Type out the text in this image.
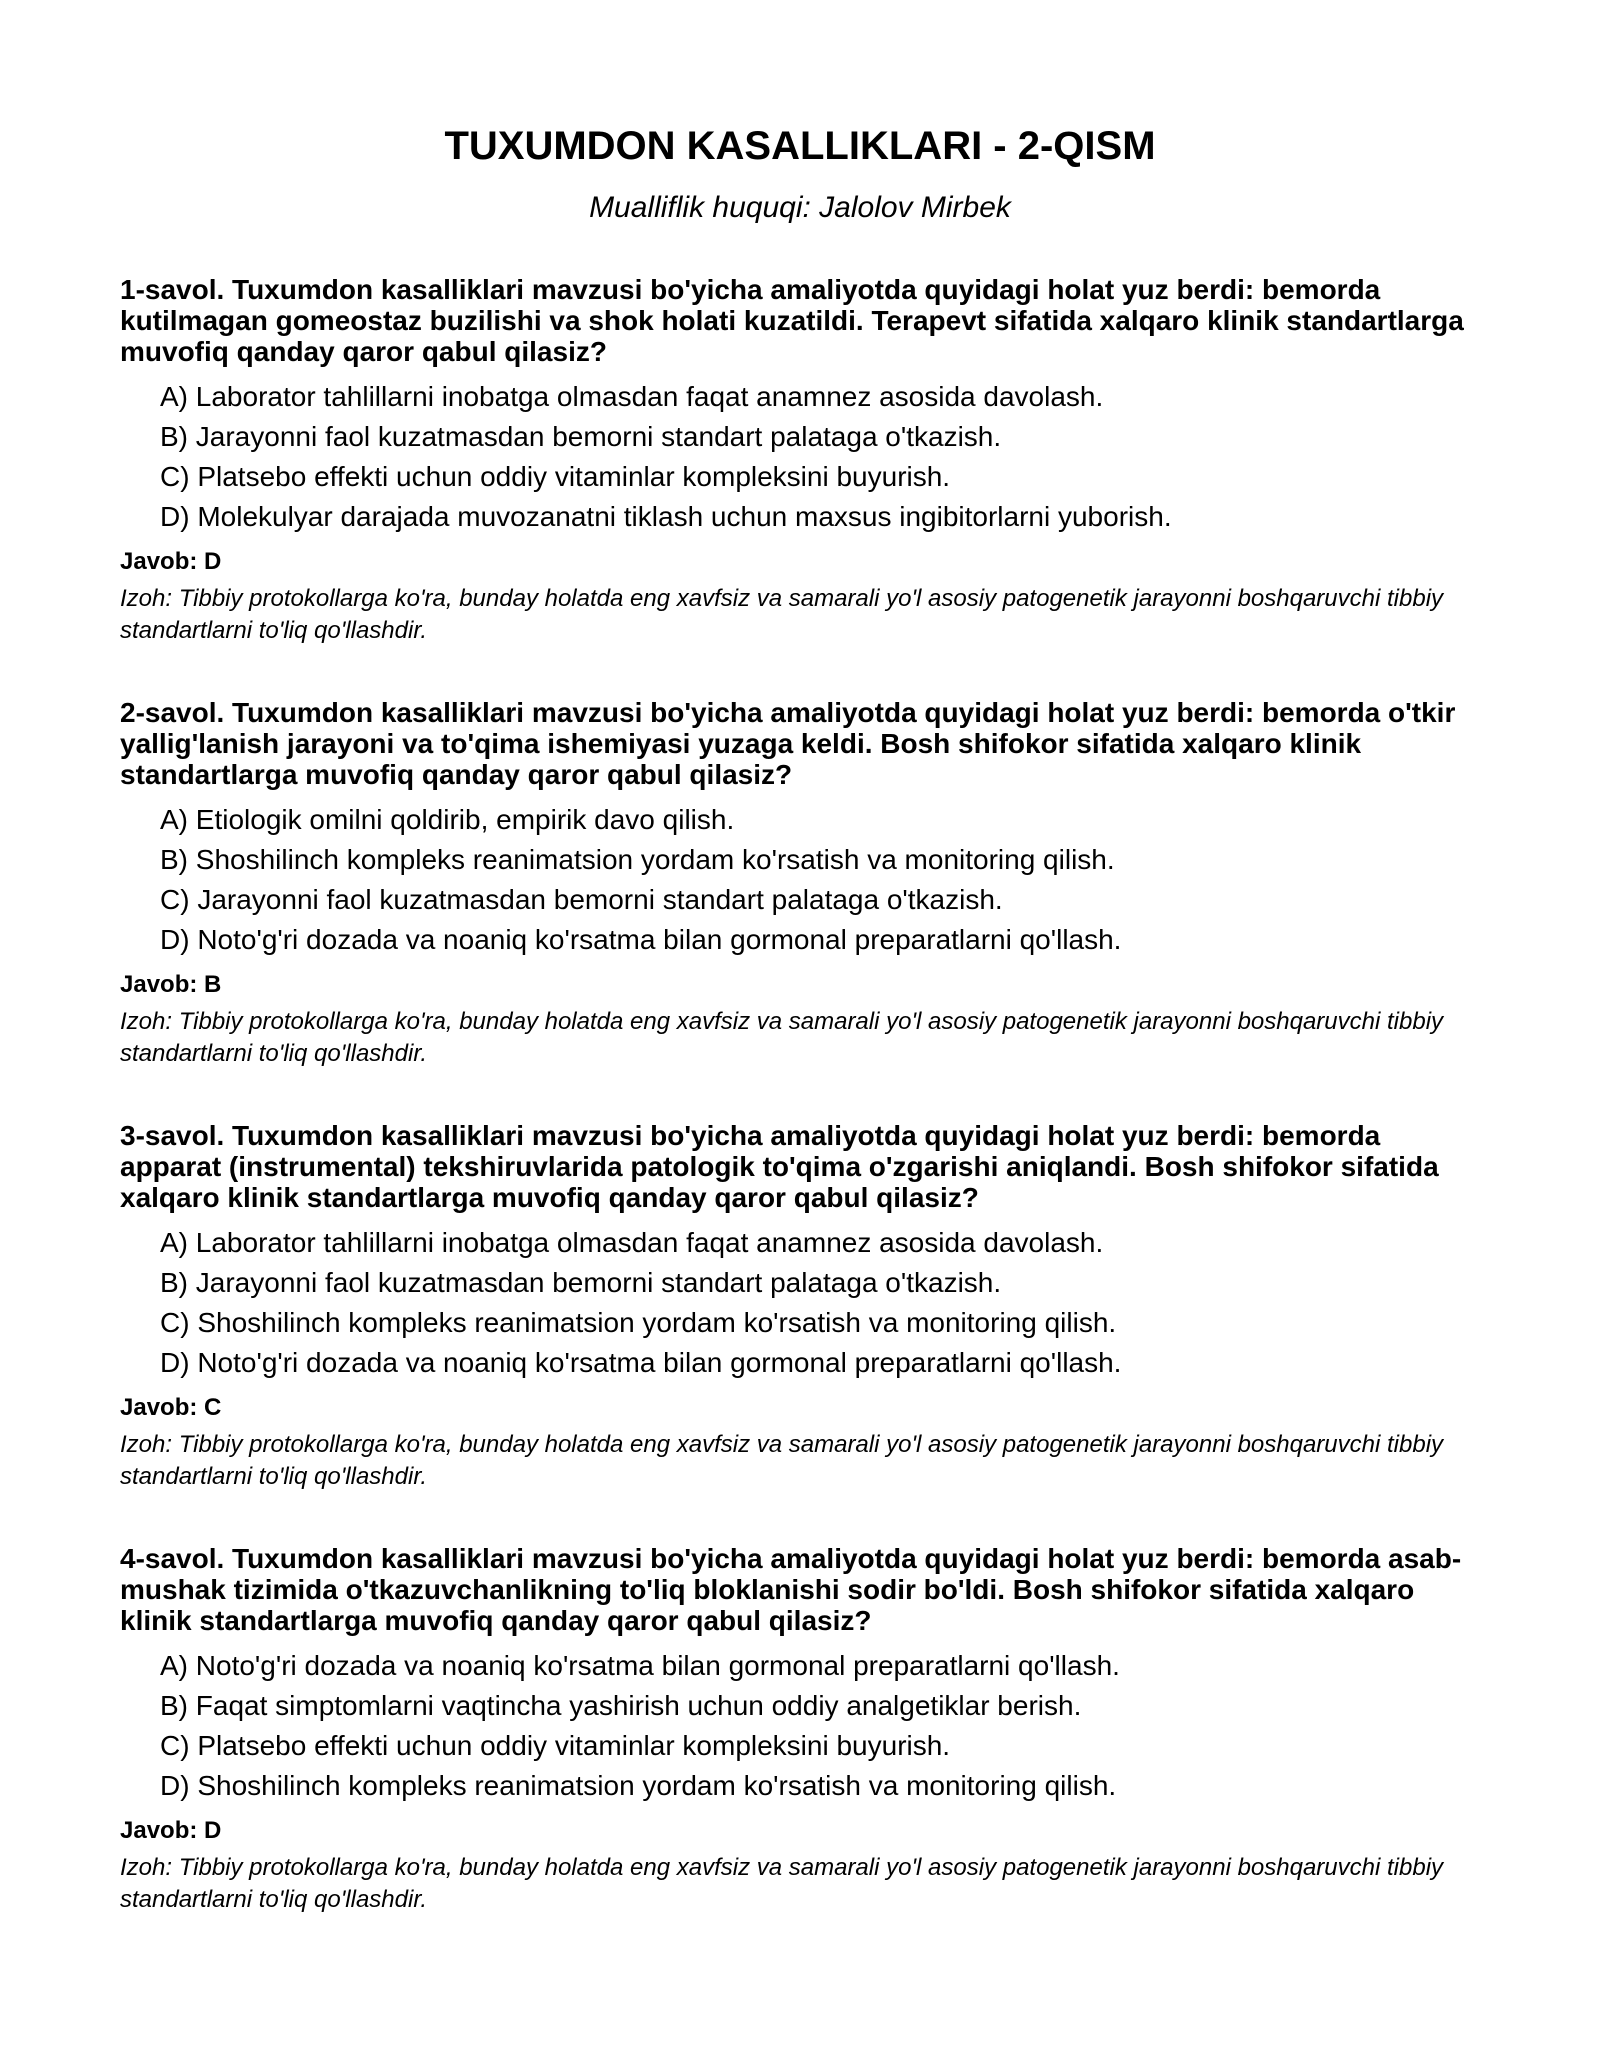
TUXUMDON KASALLIKLARI - 2-QISM

Mualliflik huquqi: Jalolov Mirbek

1-savol. Tuxumdon kasalliklari mavzusi bo'yicha amaliyotda quyidagi holat yuz berdi: bemorda kutilmagan gomeostaz buzilishi va shok holati kuzatildi. Terapevt sifatida xalqaro klinik standartlarga muvofiq qanday qaror qabul qilasiz?

A) Laborator tahlillarni inobatga olmasdan faqat anamnez asosida davolash.
B) Jarayonni faol kuzatmasdan bemorni standart palataga o'tkazish.
C) Platsebo effekti uchun oddiy vitaminlar kompleksini buyurish.
D) Molekulyar darajada muvozanatni tiklash uchun maxsus ingibitorlarni yuborish.

Javob: D

Izoh: Tibbiy protokollarga ko'ra, bunday holatda eng xavfsiz va samarali yo'l asosiy patogenetik jarayonni boshqaruvchi tibbiy standartlarni to'liq qo'llashdir.

2-savol. Tuxumdon kasalliklari mavzusi bo'yicha amaliyotda quyidagi holat yuz berdi: bemorda o'tkir yallig'lanish jarayoni va to'qima ishemiyasi yuzaga keldi. Bosh shifokor sifatida xalqaro klinik standartlarga muvofiq qanday qaror qabul qilasiz?

A) Etiologik omilni qoldirib, empirik davo qilish.
B) Shoshilinch kompleks reanimatsion yordam ko'rsatish va monitoring qilish.
C) Jarayonni faol kuzatmasdan bemorni standart palataga o'tkazish.
D) Noto'g'ri dozada va noaniq ko'rsatma bilan gormonal preparatlarni qo'llash.

Javob: B

Izoh: Tibbiy protokollarga ko'ra, bunday holatda eng xavfsiz va samarali yo'l asosiy patogenetik jarayonni boshqaruvchi tibbiy standartlarni to'liq qo'llashdir.

3-savol. Tuxumdon kasalliklari mavzusi bo'yicha amaliyotda quyidagi holat yuz berdi: bemorda apparat (instrumental) tekshiruvlarida patologik to'qima o'zgarishi aniqlandi. Bosh shifokor sifatida xalqaro klinik standartlarga muvofiq qanday qaror qabul qilasiz?

A) Laborator tahlillarni inobatga olmasdan faqat anamnez asosida davolash.
B) Jarayonni faol kuzatmasdan bemorni standart palataga o'tkazish.
C) Shoshilinch kompleks reanimatsion yordam ko'rsatish va monitoring qilish.
D) Noto'g'ri dozada va noaniq ko'rsatma bilan gormonal preparatlarni qo'llash.

Javob: C

Izoh: Tibbiy protokollarga ko'ra, bunday holatda eng xavfsiz va samarali yo'l asosiy patogenetik jarayonni boshqaruvchi tibbiy standartlarni to'liq qo'llashdir.

4-savol. Tuxumdon kasalliklari mavzusi bo'yicha amaliyotda quyidagi holat yuz berdi: bemorda asab-mushak tizimida o'tkazuvchanlikning to'liq bloklanishi sodir bo'ldi. Bosh shifokor sifatida xalqaro klinik standartlarga muvofiq qanday qaror qabul qilasiz?

A) Noto'g'ri dozada va noaniq ko'rsatma bilan gormonal preparatlarni qo'llash.
B) Faqat simptomlarni vaqtincha yashirish uchun oddiy analgetiklar berish.
C) Platsebo effekti uchun oddiy vitaminlar kompleksini buyurish.
D) Shoshilinch kompleks reanimatsion yordam ko'rsatish va monitoring qilish.

Javob: D

Izoh: Tibbiy protokollarga ko'ra, bunday holatda eng xavfsiz va samarali yo'l asosiy patogenetik jarayonni boshqaruvchi tibbiy standartlarni to'liq qo'llashdir.
